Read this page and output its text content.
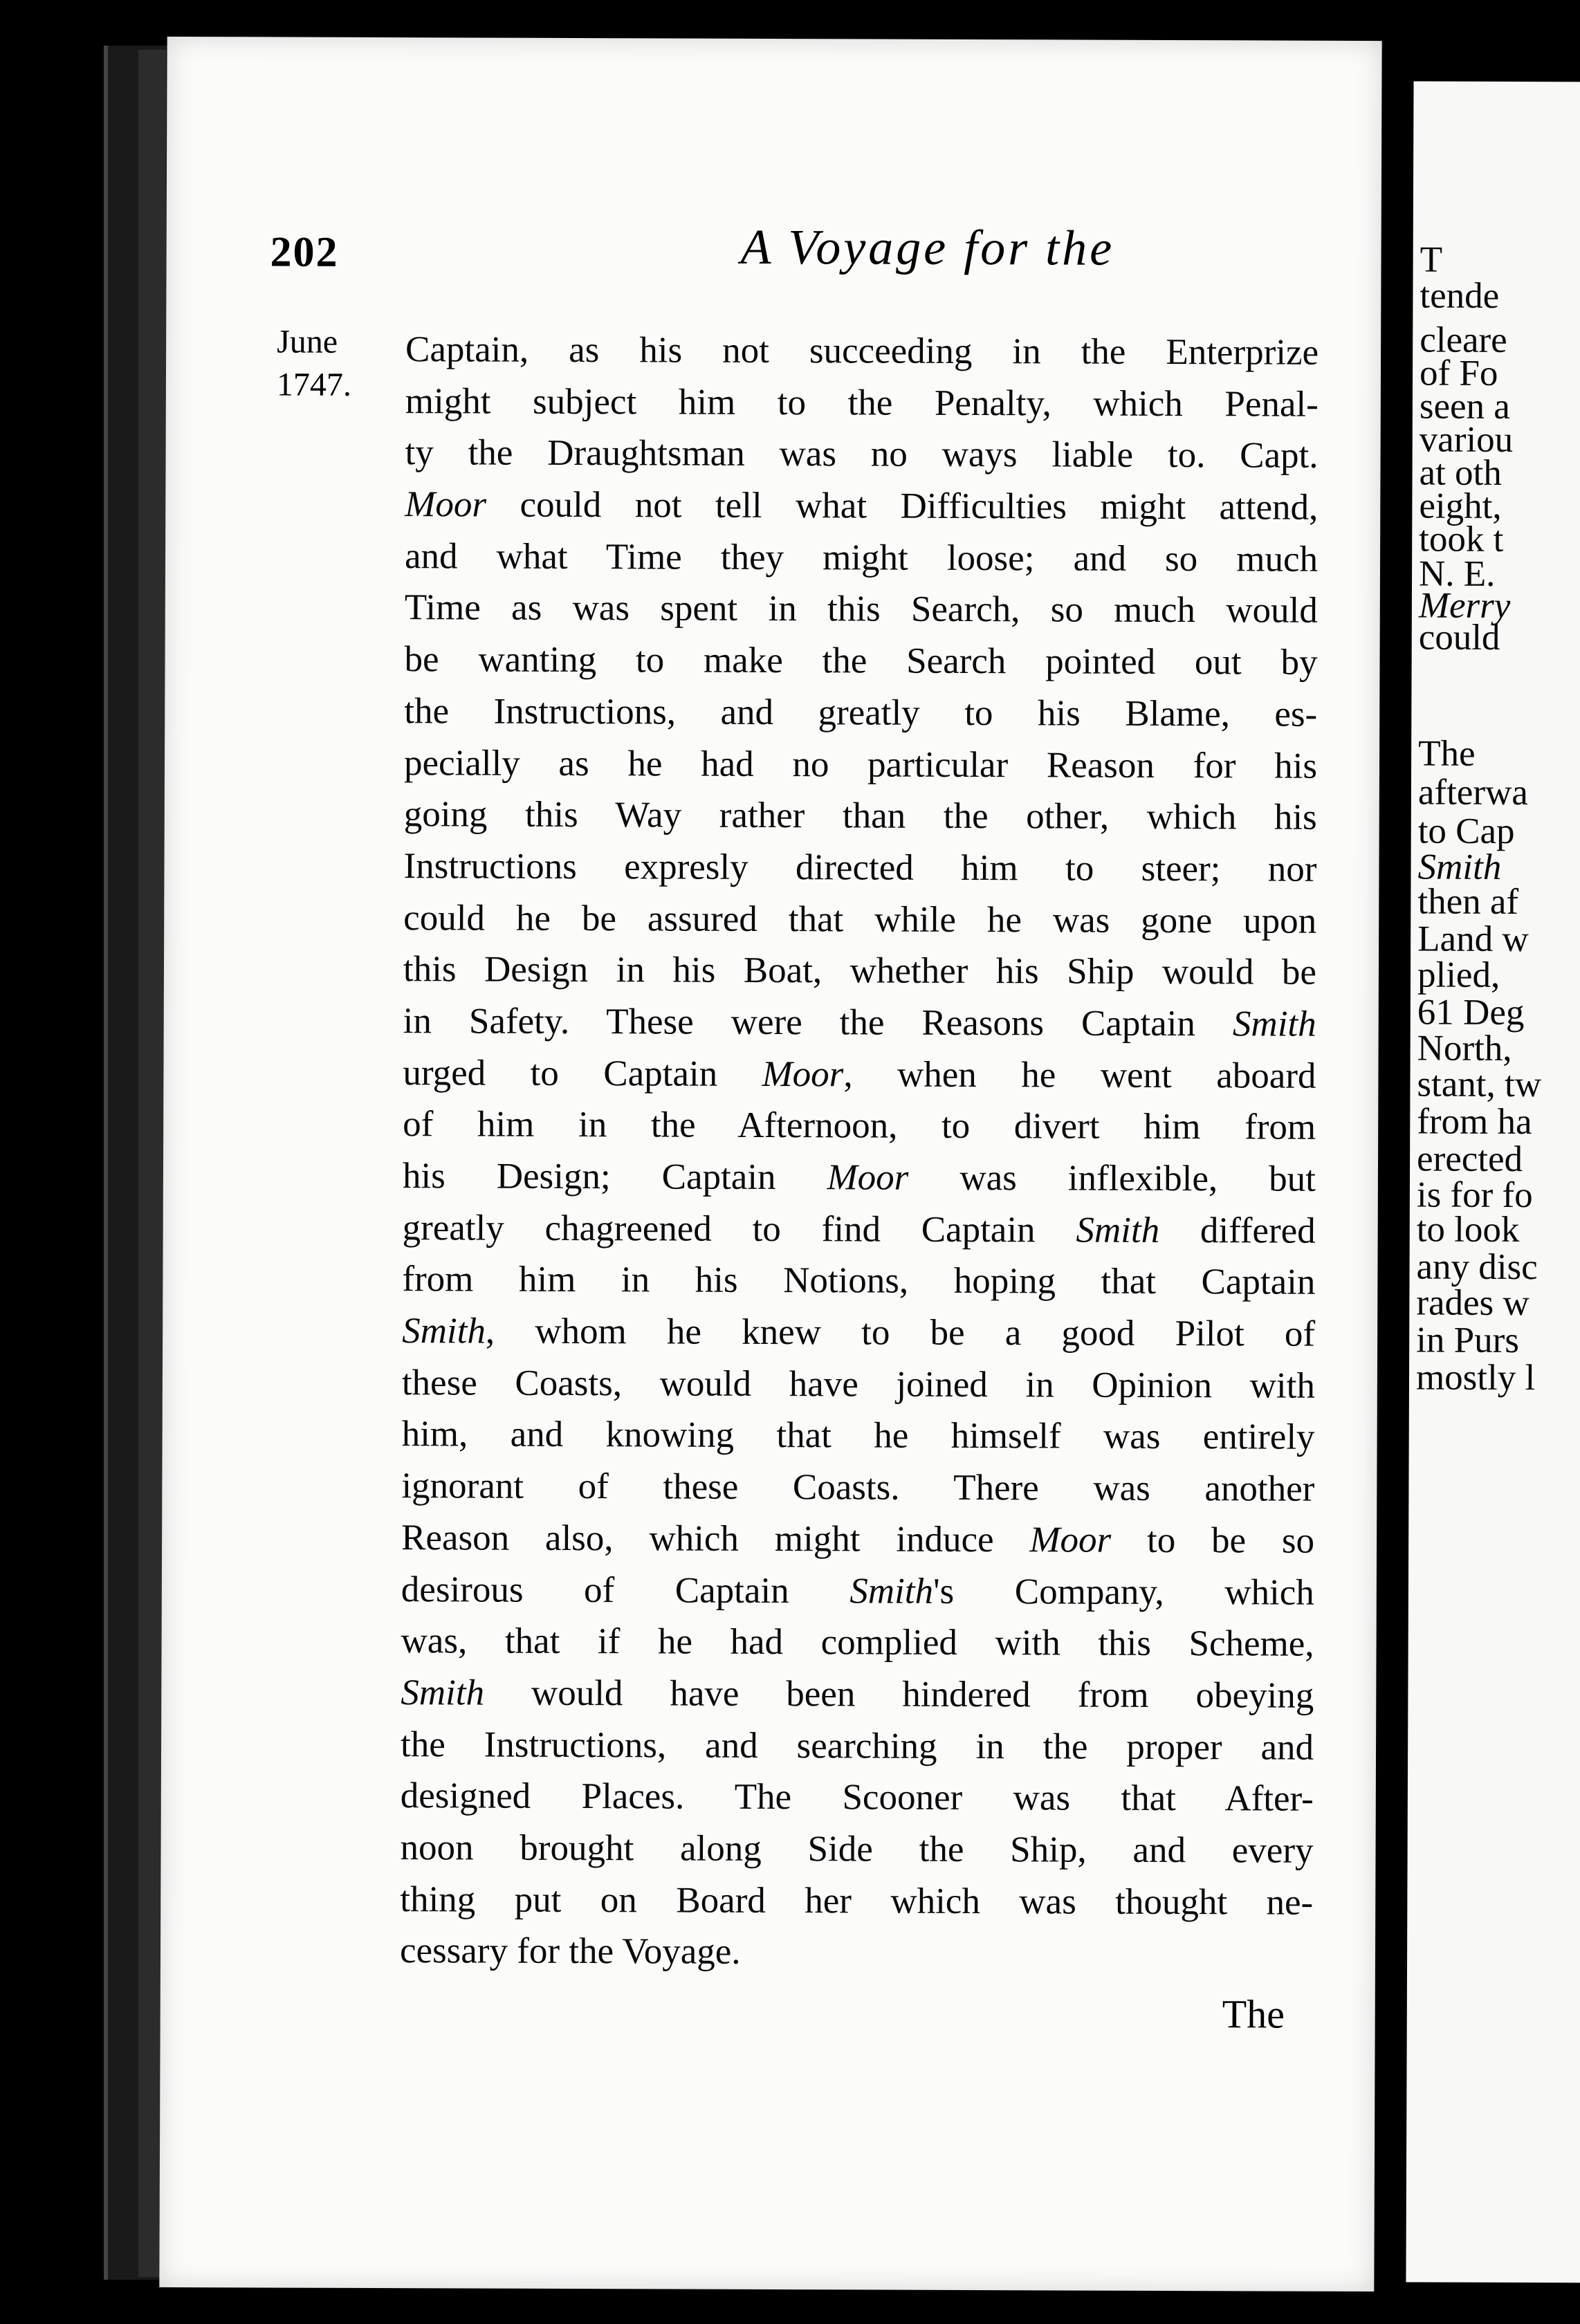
202	A Voyage for the
June
1747.
Captain, as his not succeeding in the Enterprize
might subject him to the Penalty, which Penal-
ty the Draughtsman was no ways liable to. Capt.
Moor could not tell what Difficulties might attend,
and what Time they might loose; and so much
Time as was spent in this Search, so much would
be wanting to make the Search pointed out by
the Instructions, and greatly to his Blame, es-
pecially as he had no particular Reason for his
going this Way rather than the other, which his
Instructions expresly directed him to steer; nor
could he be assured that while he was gone upon
this Design in his Boat, whether his Ship would be
in Safety. These were the Reasons Captain Smith
urged to Captain Moor, when he went aboard
of him in the Afternoon, to divert him from
his Design; Captain Moor was inflexible, but
greatly chagreened to find Captain Smith differed
from him in his Notions, hoping that Captain
Smith, whom he knew to be a good Pilot of
these Coasts, would have joined in Opinion with
him, and knowing that he himself was entirely
ignorant of these Coasts. There was another
Reason also, which might induce Moor to be so
desirous of Captain Smith's Company, which
was, that if he had complied with this Scheme,
Smith would have been hindered from obeying
the Instructions, and searching in the proper and
designed Places. The Scooner was that After-
noon brought along Side the Ship, and every
thing put on Board her which was thought ne-
cessary for the Voyage.
The
T
tende
cleare
of Fo
seen a
variou
at oth
eight,
took t
N. E.
Merry
could
The
afterwa
to Cap
Smith
then af
Land w
plied,
61 Deg
North,
stant, tw
from ha
erected
is for fo
to look
any disc
rades w
in Purs
mostly l
